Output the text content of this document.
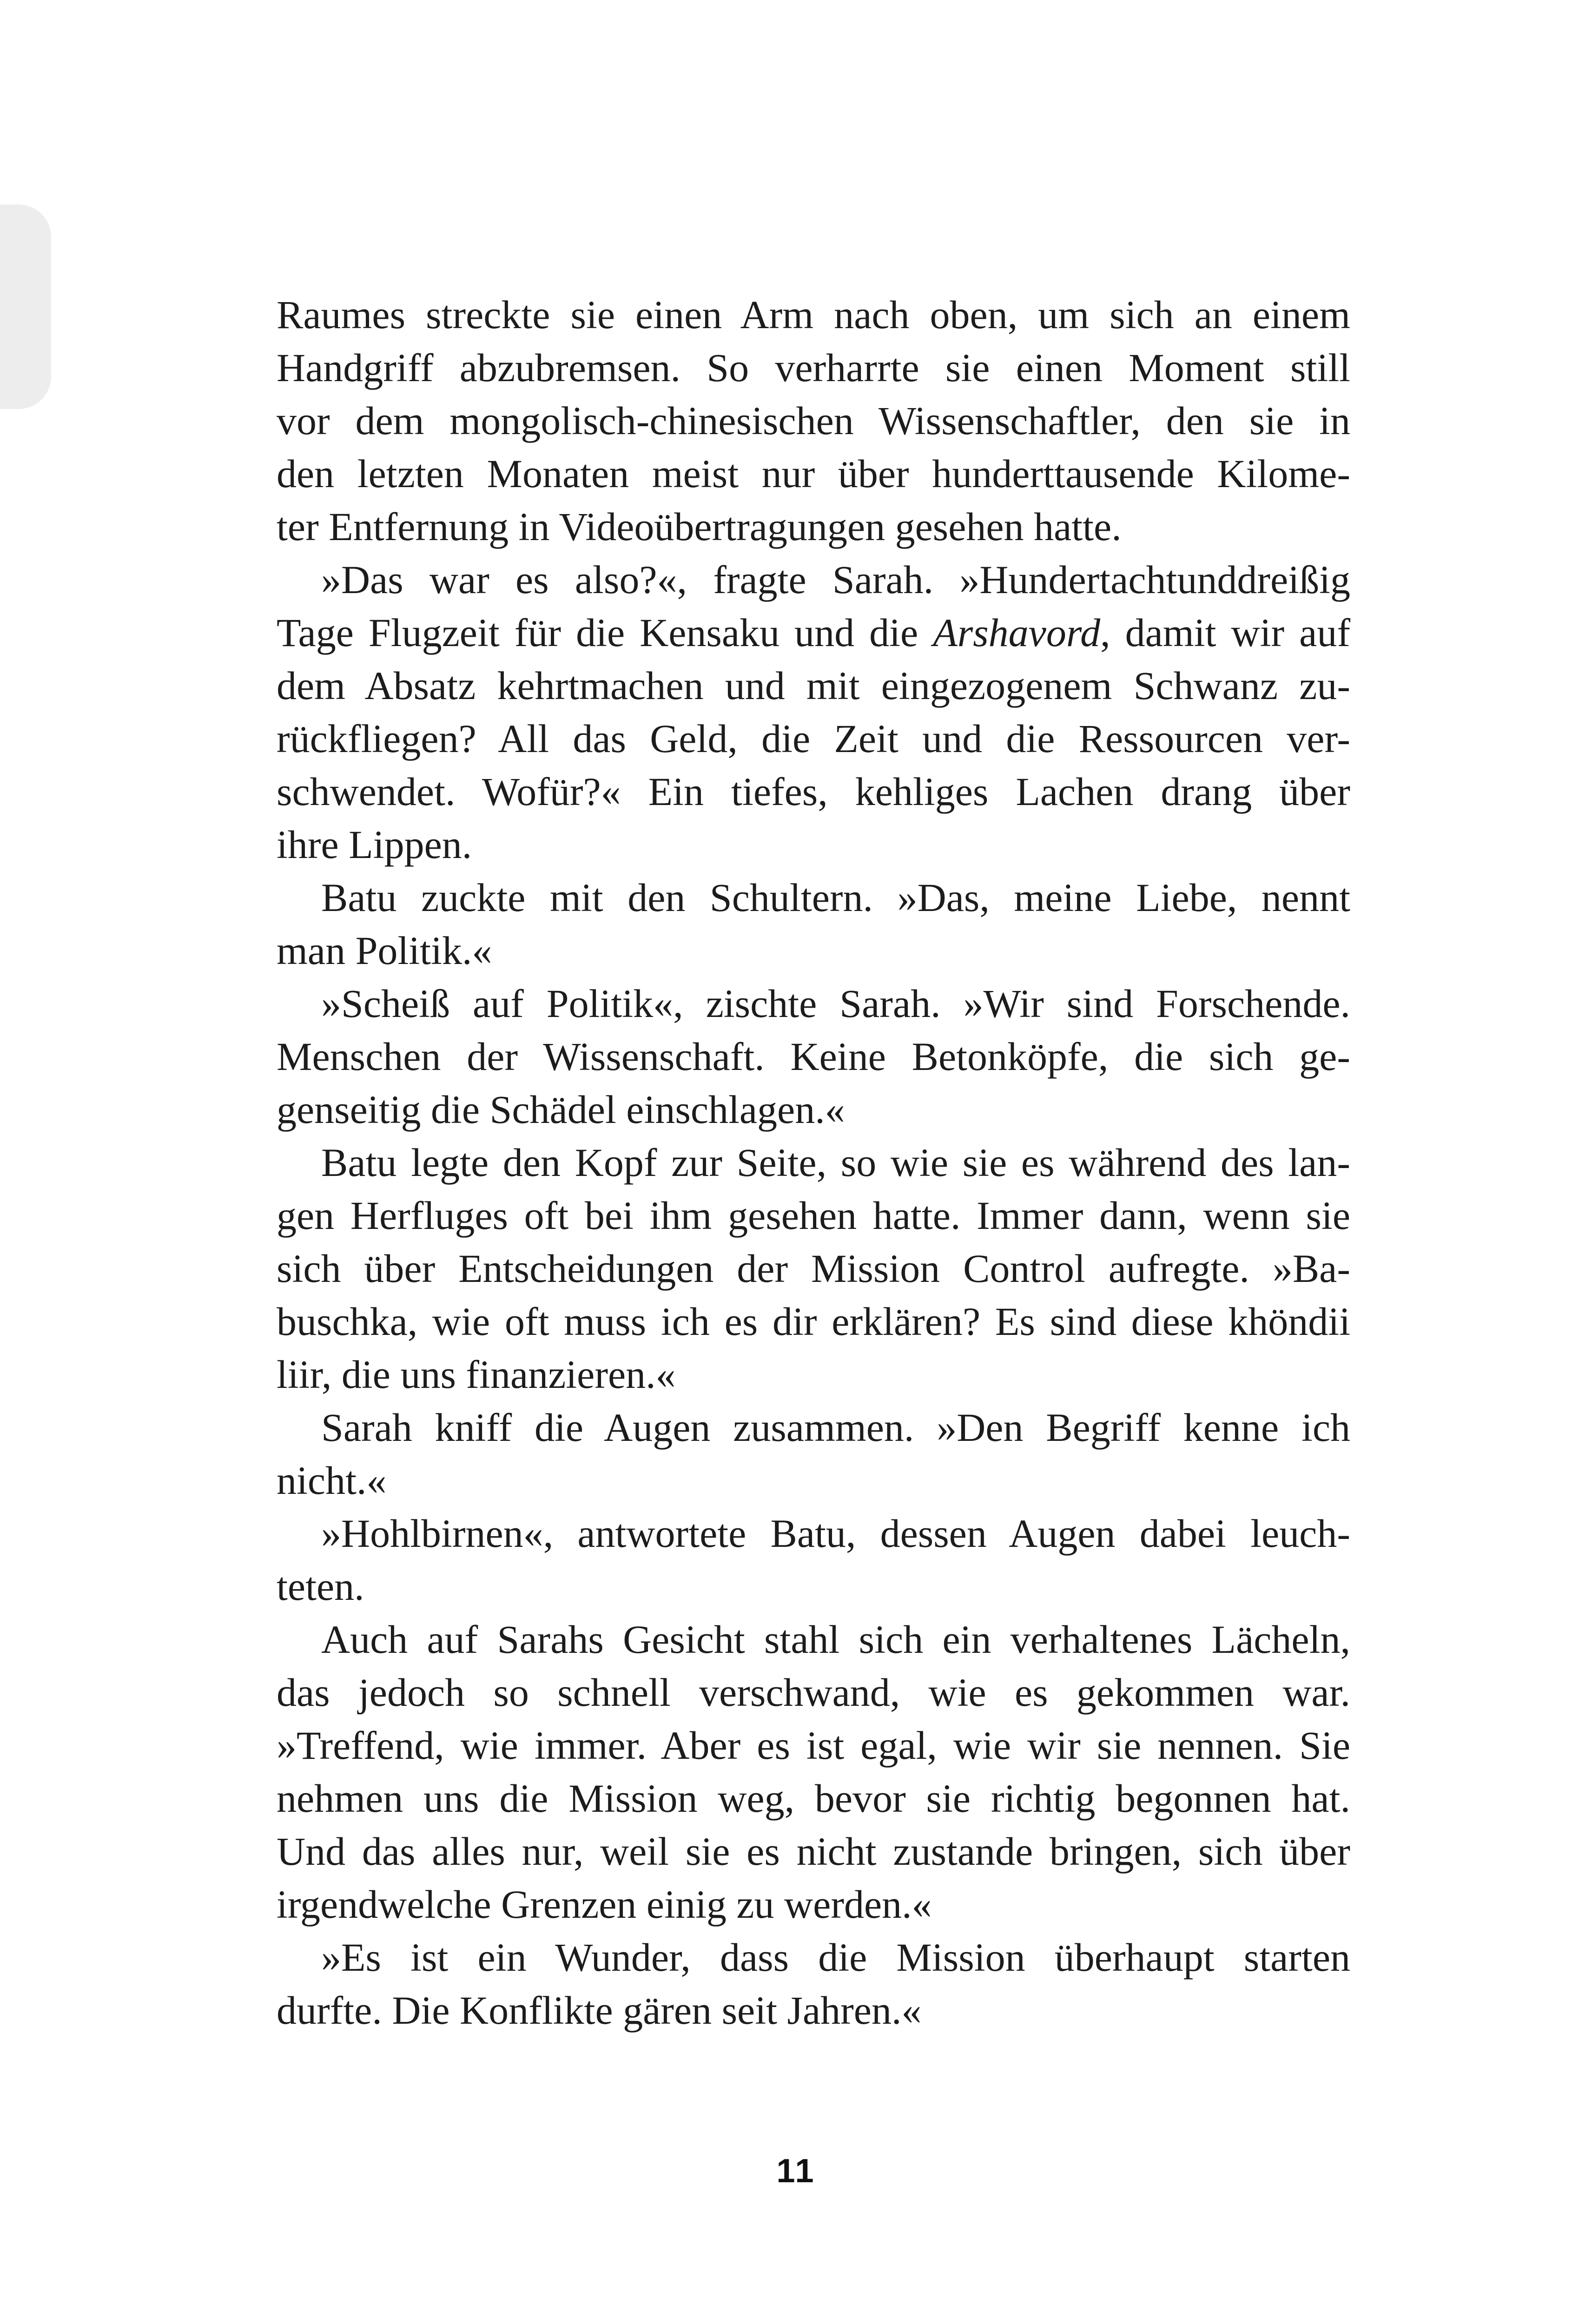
Raumes streckte sie einen Arm nach oben, um sich an einem
Handgriff abzubremsen. So verharrte sie einen Moment still
vor dem mongolisch-chinesischen Wissenschaftler, den sie in
den letzten Monaten meist nur über hunderttausende Kilome-
ter Entfernung in Videoübertragungen gesehen hatte.
»Das war es also?«, fragte Sarah. »Hundertachtunddreißig
Tage Flugzeit für die Kensaku und die Arshavord, damit wir auf
dem Absatz kehrtmachen und mit eingezogenem Schwanz zu-
rückfliegen? All das Geld, die Zeit und die Ressourcen ver-
schwendet. Wofür?« Ein tiefes, kehliges Lachen drang über
ihre Lippen.
Batu zuckte mit den Schultern. »Das, meine Liebe, nennt
man Politik.«
»Scheiß auf Politik«, zischte Sarah. »Wir sind Forschende.
Menschen der Wissenschaft. Keine Betonköpfe, die sich ge-
genseitig die Schädel einschlagen.«
Batu legte den Kopf zur Seite, so wie sie es während des lan-
gen Herfluges oft bei ihm gesehen hatte. Immer dann, wenn sie
sich über Entscheidungen der Mission Control aufregte. »Ba-
buschka, wie oft muss ich es dir erklären? Es sind diese khöndii
liir, die uns finanzieren.«
Sarah kniff die Augen zusammen. »Den Begriff kenne ich
nicht.«
»Hohlbirnen«, antwortete Batu, dessen Augen dabei leuch-
teten.
Auch auf Sarahs Gesicht stahl sich ein verhaltenes Lächeln,
das jedoch so schnell verschwand, wie es gekommen war.
»Treffend, wie immer. Aber es ist egal, wie wir sie nennen. Sie
nehmen uns die Mission weg, bevor sie richtig begonnen hat.
Und das alles nur, weil sie es nicht zustande bringen, sich über
irgendwelche Grenzen einig zu werden.«
»Es ist ein Wunder, dass die Mission überhaupt starten
durfte. Die Konflikte gären seit Jahren.«
11
